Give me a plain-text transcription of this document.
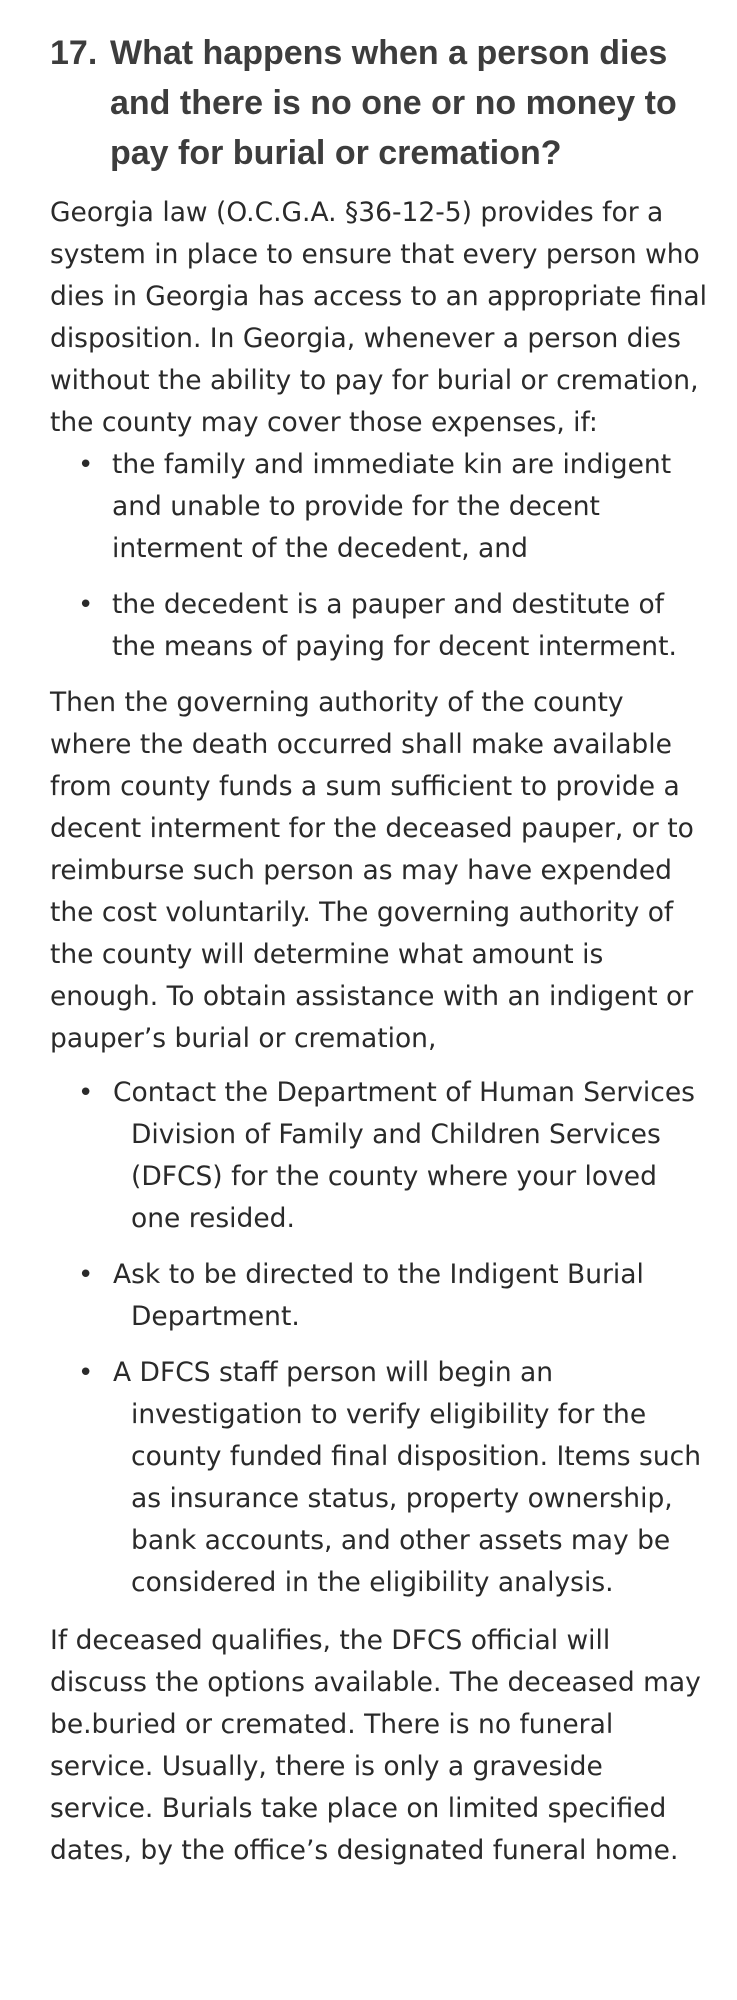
17. What happens when a person dies and there is no one or no money to pay for burial or cremation?

Georgia law (O.C.G.A. §36-12-5) provides for a system in place to ensure that every person who dies in Georgia has access to an appropriate final disposition. In Georgia, whenever a person dies without the ability to pay for burial or cremation, the county may cover those expenses, if:

• the family and immediate kin are indigent and unable to provide for the decent interment of the decedent, and
• the decedent is a pauper and destitute of the means of paying for decent interment.

Then the governing authority of the county where the death occurred shall make available from county funds a sum sufficient to provide a decent interment for the deceased pauper, or to reimburse such person as may have expended the cost voluntarily. The governing authority of the county will determine what amount is enough. To obtain assistance with an indigent or pauper’s burial or cremation,

• Contact the Department of Human Services Division of Family and Children Services (DFCS) for the county where your loved one resided.
• Ask to be directed to the Indigent Burial Department.
• A DFCS staff person will begin an investigation to verify eligibility for the county funded final disposition. Items such as insurance status, property ownership, bank accounts, and other assets may be considered in the eligibility analysis.

If deceased qualifies, the DFCS official will discuss the options available. The deceased may be.buried or cremated. There is no funeral service. Usually, there is only a graveside service. Burials take place on limited specified dates, by the office’s designated funeral home.
